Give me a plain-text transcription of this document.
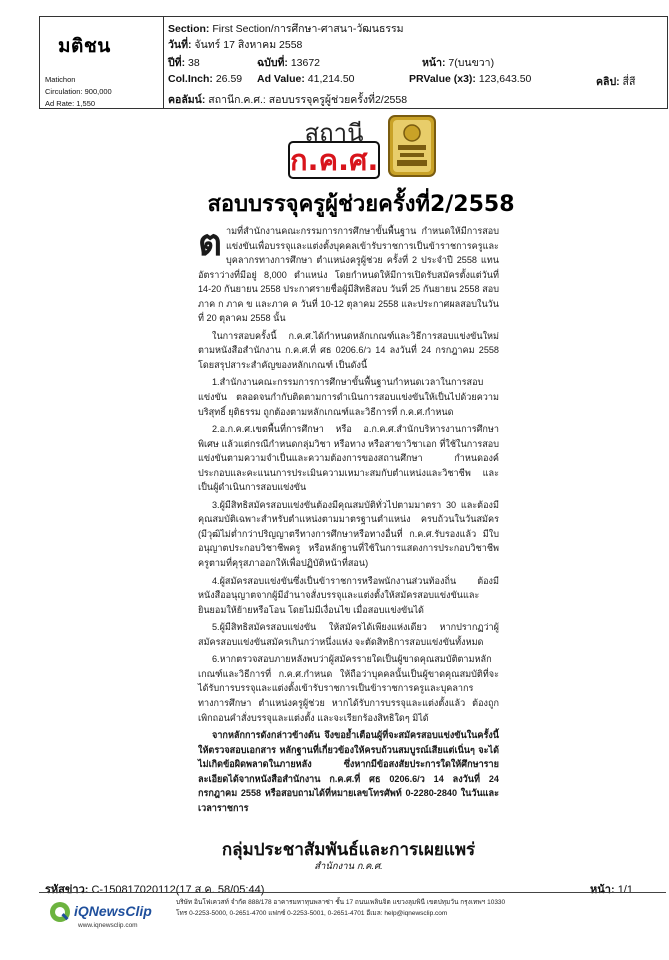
มติชน
Matichon
Circulation: 900,000
Ad Rate: 1,550
Section: First Section/การศึกษา-ศาสนา-วัฒนธรรม
วันที่: จันทร์ 17 สิงหาคม 2558
ปีที่: 38	ฉบับที่: 13672	หน้า: 7(บนขวา)
Col.Inch: 26.59 Ad Value: 41,214.50	PRValue (x3): 123,643.50	คลิป: สี่สี
คอลัมน์: สถานีก.ค.ศ.: สอบบรรจุครูผู้ช่วยครั้งที่2/2558
สถานี
ก.ค.ศ.
สอบบรรจุครูผู้ช่วยครั้งที่2/2558

ตามที่สำนักงานคณะกรรมการการศึกษาขั้นพื้นฐาน กำหนดให้มีการสอบแข่งขันเพื่อบรรจุและแต่งตั้งบุคคลเข้ารับราชการเป็นข้าราชการครูและบุคลากรทางการศึกษา ตำแหน่งครูผู้ช่วย ครั้งที่ 2 ประจำปี 2558 แทนอัตราว่างที่มีอยู่ 8,000 ตำแหน่ง โดยกำหนดให้มีการเปิดรับสมัครตั้งแต่วันที่ 14-20 กันยายน 2558 ประกาศรายชื่อผู้มีสิทธิสอบ วันที่ 25 กันยายน 2558 สอบภาค ก ภาค ข และภาค ค วันที่ 10-12 ตุลาคม 2558 และประกาศผลสอบในวันที่ 20 ตุลาคม 2558 นั้น

ในการสอบครั้งนี้ ก.ค.ศ.ได้กำหนดหลักเกณฑ์และวิธีการสอบแข่งขันใหม่ ตามหนังสือสำนักงาน ก.ค.ศ.ที่ ศธ 0206.6/ว 14 ลงวันที่ 24 กรกฎาคม 2558 โดยสรุปสาระสำคัญของหลักเกณฑ์ เป็นดังนี้

1.สำนักงานคณะกรรมการการศึกษาขั้นพื้นฐานกำหนดเวลาในการสอบแข่งขัน ตลอดจนกำกับติดตามการดำเนินการสอบแข่งขันให้เป็นไปด้วยความบริสุทธิ์ ยุติธรรม ถูกต้องตามหลักเกณฑ์และวิธีการที่ ก.ค.ศ.กำหนด

2.อ.ก.ค.ศ.เขตพื้นที่การศึกษา หรือ อ.ก.ค.ศ.สำนักบริหารงานการศึกษาพิเศษ แล้วแต่กรณีกำหนดกลุ่มวิชา หรือทาง หรือสาขาวิชาเอก ที่ใช้ในการสอบแข่งขันตามความจำเป็นและความต้องการของสถานศึกษา กำหนดองค์ประกอบและคะแนนการประเมินความเหมาะสมกับตำแหน่งและวิชาชีพ และเป็นผู้ดำเนินการสอบแข่งขัน

3.ผู้มีสิทธิสมัครสอบแข่งขันต้องมีคุณสมบัติทั่วไปตามมาตรา 30 และต้องมีคุณสมบัติเฉพาะสำหรับตำแหน่งตามมาตรฐานตำแหน่ง ครบถ้วนในวันสมัคร (มีวุฒิไม่ต่ำกว่าปริญญาตรีทางการศึกษาหรือทางอื่นที่ ก.ค.ศ.รับรองแล้ว มีใบอนุญาตประกอบวิชาชีพครู หรือหลักฐานที่ใช้ในการแสดงการประกอบวิชาชีพครูตามที่คุรุสภาออกให้เพื่อปฏิบัติหน้าที่สอน)

4.ผู้สมัครสอบแข่งขันซึ่งเป็นข้าราชการหรือพนักงานส่วนท้องถิ่น ต้องมีหนังสืออนุญาตจากผู้มีอำนาจสั่งบรรจุและแต่งตั้งให้สมัครสอบแข่งขันและยินยอมให้ย้ายหรือโอน โดยไม่มีเงื่อนไข เมื่อสอบแข่งขันได้

5.ผู้มีสิทธิสมัครสอบแข่งขัน ให้สมัครได้เพียงแห่งเดียว หากปรากฏว่าผู้สมัครสอบแข่งขันสมัครเกินกว่าหนึ่งแห่ง จะตัดสิทธิการสอบแข่งขันทั้งหมด

6.หากตรวจสอบภายหลังพบว่าผู้สมัครรายใดเป็นผู้ขาดคุณสมบัติตามหลักเกณฑ์และวิธีการที่ ก.ค.ศ.กำหนด ให้ถือว่าบุคคลนั้นเป็นผู้ขาดคุณสมบัติที่จะได้รับการบรรจุและแต่งตั้งเข้ารับราชการเป็นข้าราชการครูและบุคลากรทางการศึกษา ตำแหน่งครูผู้ช่วย หากได้รับการบรรจุและแต่งตั้งแล้ว ต้องถูกเพิกถอนคำสั่งบรรจุและแต่งตั้ง และจะเรียกร้องสิทธิใดๆ มิได้

จากหลักการดังกล่าวข้างต้น จึงขอย้ำเตือนผู้ที่จะสมัครสอบแข่งขันในครั้งนี้ ให้ตรวจสอบเอกสาร หลักฐานที่เกี่ยวข้องให้ครบถ้วนสมบูรณ์เสียแต่เนิ่นๆ จะได้ไม่เกิดข้อผิดพลาดในภายหลัง ซึ่งหากมีข้อสงสัยประการใดให้ศึกษารายละเอียดได้จากหนังสือสำนักงาน ก.ค.ศ.ที่ ศธ 0206.6/ว 14 ลงวันที่ 24 กรกฎาคม 2558 หรือสอบถามได้ที่หมายเลขโทรศัพท์ 0-2280-2840 ในวันและเวลาราชการ

กลุ่มประชาสัมพันธ์และการเผยแพร่
สำนักงาน ก.ค.ศ.
รหัสข่าว: C-150817020112(17 ส.ค. 58/05:44)	หน้า: 1/1
iQNewsClip
www.iqnewsclip.com
บริษัท อินโฟเควสท์ จำกัด 888/178 อาคารมหาทุนพลาซ่า ชั้น 17 ถนนเพลินจิต แขวงลุมพินี เขตปทุมวัน กรุงเทพฯ 10330
โทร 0-2253-5000, 0-2651-4700 แฟกซ์ 0-2253-5001, 0-2651-4701 อีเมล: help@iqnewsclip.com
